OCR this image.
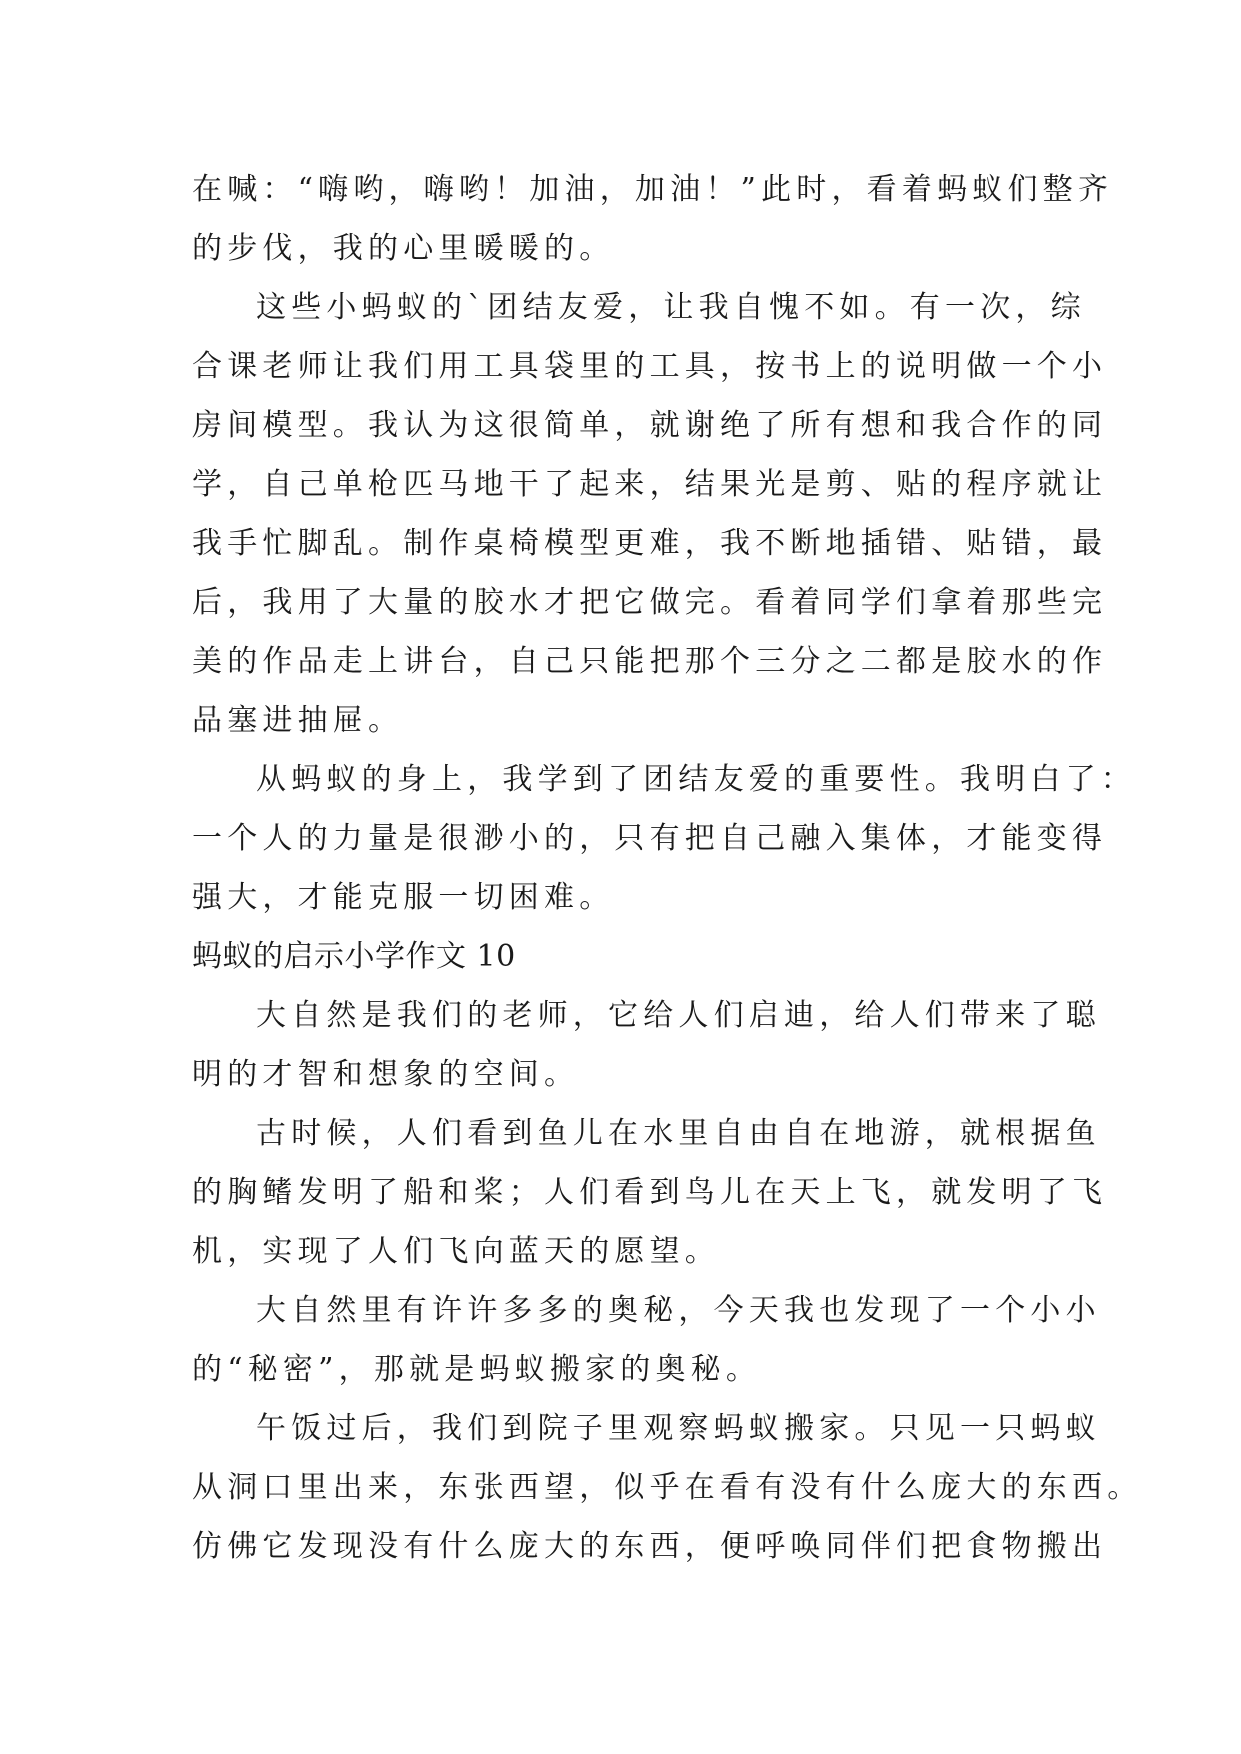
在喊：“嗨哟，嗨哟！加油，加油！”此时，看着蚂蚁们整齐
的步伐，我的心里暖暖的。
这些小蚂蚁的`团结友爱，让我自愧不如。有一次，综
合课老师让我们用工具袋里的工具，按书上的说明做一个小
房间模型。我认为这很简单，就谢绝了所有想和我合作的同
学，自己单枪匹马地干了起来，结果光是剪、贴的程序就让
我手忙脚乱。制作桌椅模型更难，我不断地插错、贴错，最
后，我用了大量的胶水才把它做完。看着同学们拿着那些完
美的作品走上讲台，自己只能把那个三分之二都是胶水的作
品塞进抽屉。
从蚂蚁的身上，我学到了团结友爱的重要性。我明白了：
一个人的力量是很渺小的，只有把自己融入集体，才能变得
强大，才能克服一切困难。
蚂蚁的启示小学作文 10
大自然是我们的老师，它给人们启迪，给人们带来了聪
明的才智和想象的空间。
古时候，人们看到鱼儿在水里自由自在地游，就根据鱼
的胸鳍发明了船和桨；人们看到鸟儿在天上飞，就发明了飞
机，实现了人们飞向蓝天的愿望。
大自然里有许许多多的奥秘，今天我也发现了一个小小
的“秘密”，那就是蚂蚁搬家的奥秘。
午饭过后，我们到院子里观察蚂蚁搬家。只见一只蚂蚁
从洞口里出来，东张西望，似乎在看有没有什么庞大的东西。
仿佛它发现没有什么庞大的东西，便呼唤同伴们把食物搬出
